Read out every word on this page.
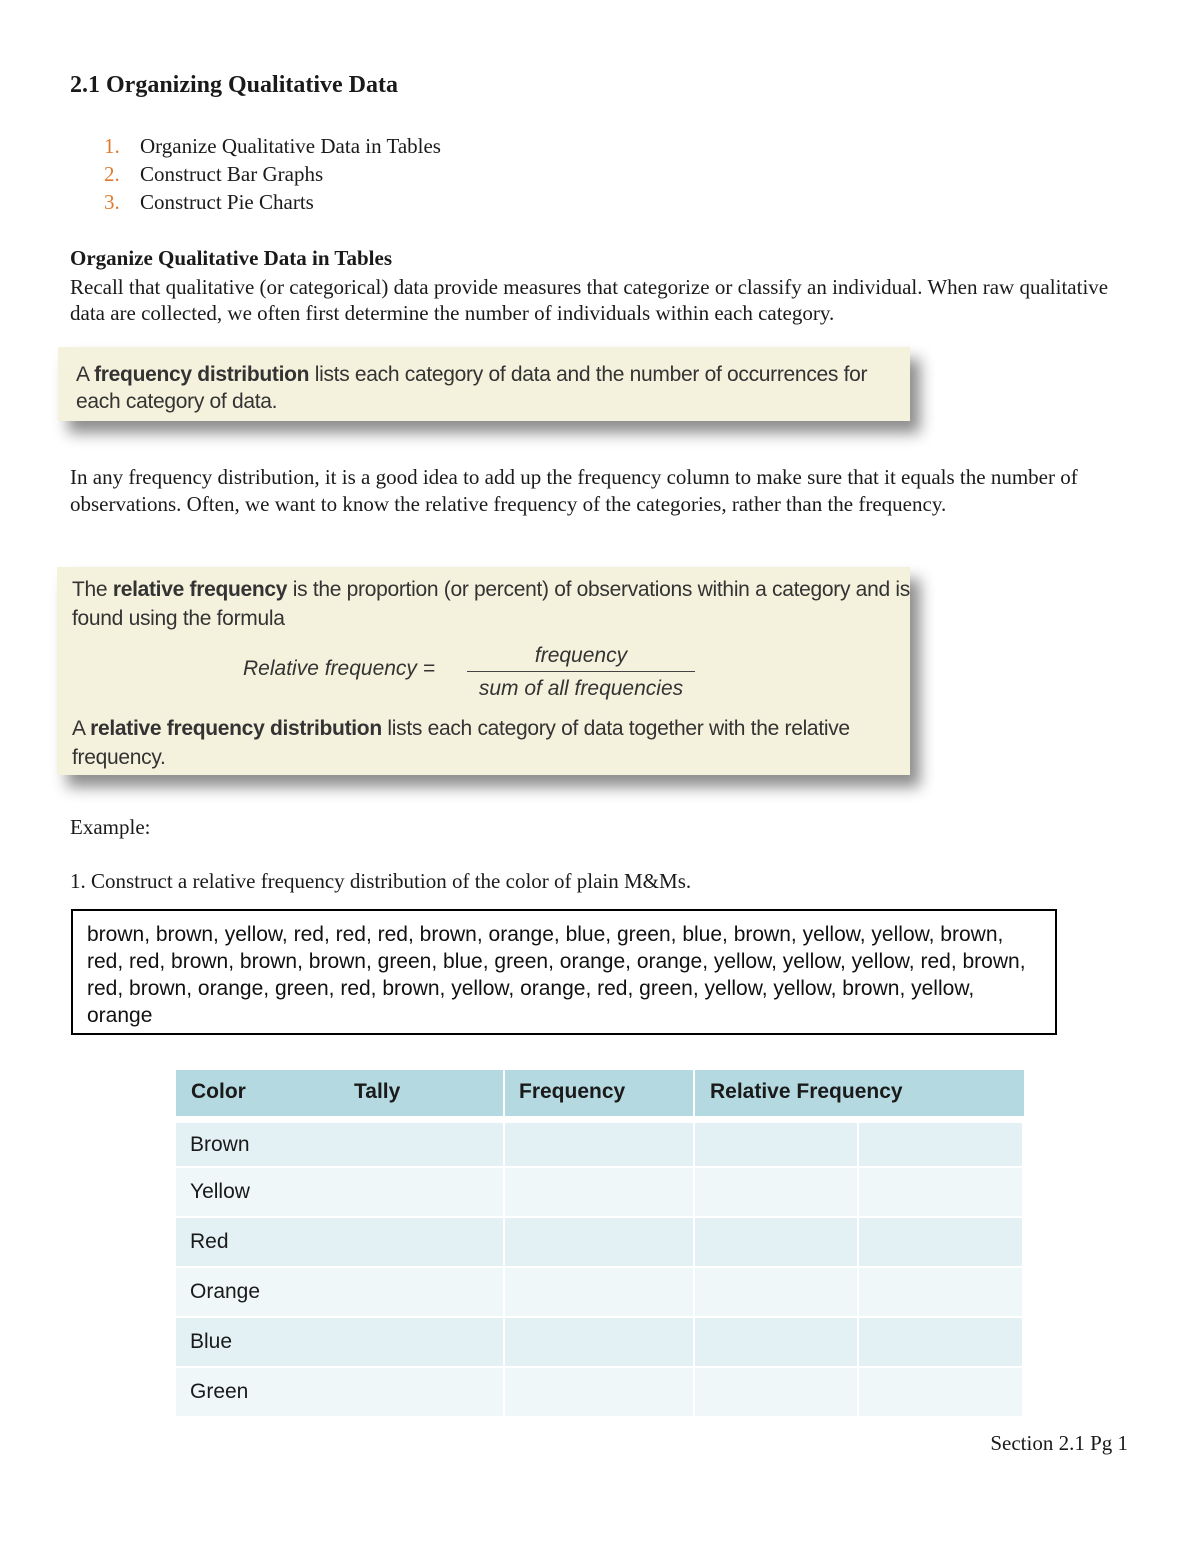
2.1 Organizing Qualitative Data
1. Organize Qualitative Data in Tables
2. Construct Bar Graphs
3. Construct Pie Charts
Organize Qualitative Data in Tables
Recall that qualitative (or categorical) data provide measures that categorize or classify an individual. When raw qualitative data are collected, we often first determine the number of individuals within each category.
A frequency distribution lists each category of data and the number of occurrences for each category of data.
In any frequency distribution, it is a good idea to add up the frequency column to make sure that it equals the number of observations. Often, we want to know the relative frequency of the categories, rather than the frequency.
The relative frequency is the proportion (or percent) of observations within a category and is found using the formula
Relative frequency =
frequency
sum of all frequencies
A relative frequency distribution lists each category of data together with the relative frequency.
Example:
1. Construct a relative frequency distribution of the color of plain M&Ms.
brown, brown, yellow, red, red, red, brown, orange, blue, green, blue, brown, yellow, yellow, brown, red, red, brown, brown, brown, green, blue, green, orange, orange, yellow, yellow, yellow, red, brown, red, brown, orange, green, red, brown, yellow, orange, red, green, yellow, yellow, brown, yellow, orange
Color	Tally	Frequency	Relative Frequency
Brown
Yellow
Red
Orange
Blue
Green
Section 2.1 Pg 1
